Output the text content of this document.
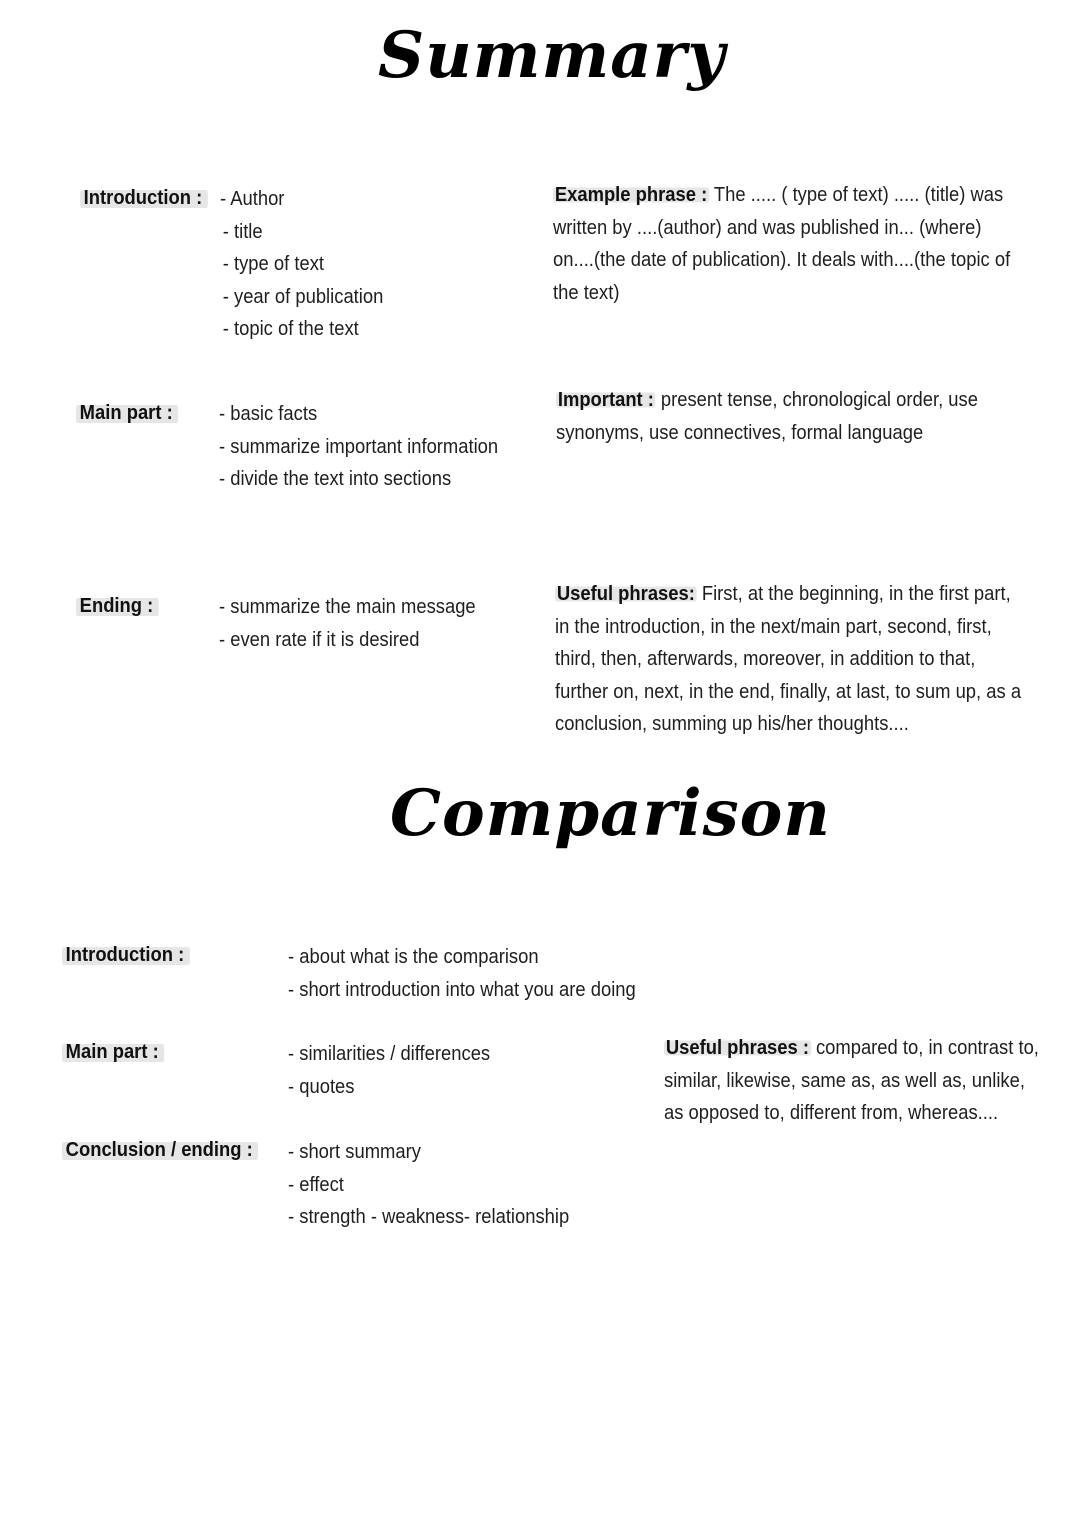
Summary
Introduction : - Author
- title
- type of text
- year of publication
- topic of the text
Example phrase : The ..... ( type of text) ..... (title) was written by ....(author) and was published in... (where) on....(the date of publication). It deals with....(the topic of the text)
Main part : - basic facts
- summarize important information
- divide the text into sections
Important : present tense, chronological order, use synonyms, use connectives, formal language
Ending :	- summarize the main message
- even rate if it is desired
Useful phrases: First, at the beginning, in the first part, in the introduction, in the next/main part, second, first, third, then, afterwards, moreover, in addition to that, further on, next, in the end, finally, at last, to sum up, as a conclusion, summing up his/her thoughts....
Comparison
Introduction :	- about what is the comparison
- short introduction into what you are doing
Main part :	- similarities / differences
- quotes
Useful phrases : compared to, in contrast to, similar, likewise, same as, as well as, unlike, as opposed to, different from, whereas....
Conclusion / ending : - short summary
- effect
- strength - weakness- relationship
